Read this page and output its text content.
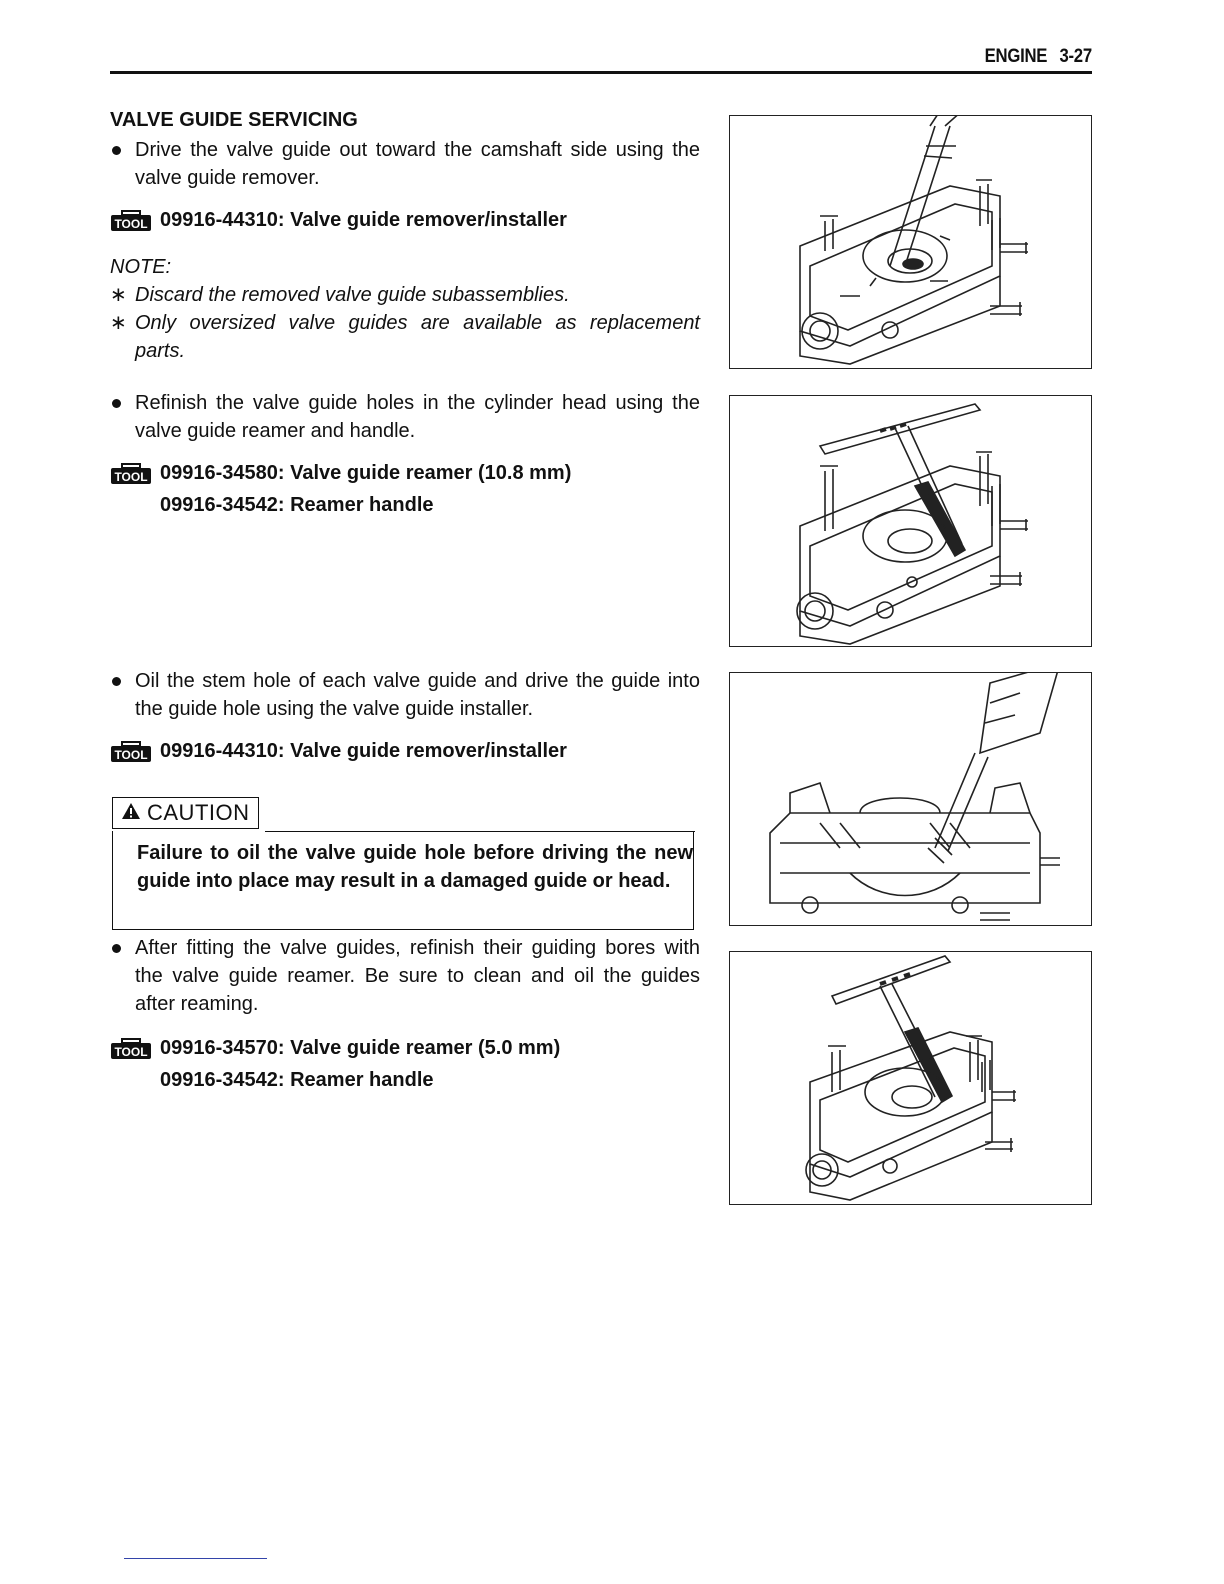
ENGINE 3-27
VALVE GUIDE SERVICING
Drive the valve guide out toward the camshaft side using the valve guide remover.
TOOL 09916-44310: Valve guide remover/installer
NOTE:
∗ Discard the removed valve guide subassemblies.
∗ Only oversized valve guides are available as replacement parts.
Refinish the valve guide holes in the cylinder head using the valve guide reamer and handle.
TOOL 09916-34580: Valve guide reamer (10.8 mm)
09916-34542: Reamer handle
Oil the stem hole of each valve guide and drive the guide into the guide hole using the valve guide installer.
TOOL 09916-44310: Valve guide remover/installer
CAUTION
Failure to oil the valve guide hole before driving the new guide into place may result in a damaged guide or head.
After fitting the valve guides, refinish their guiding bores with the valve guide reamer. Be sure to clean and oil the guides after reaming.
TOOL 09916-34570: Valve guide reamer (5.0 mm)
09916-34542: Reamer handle
